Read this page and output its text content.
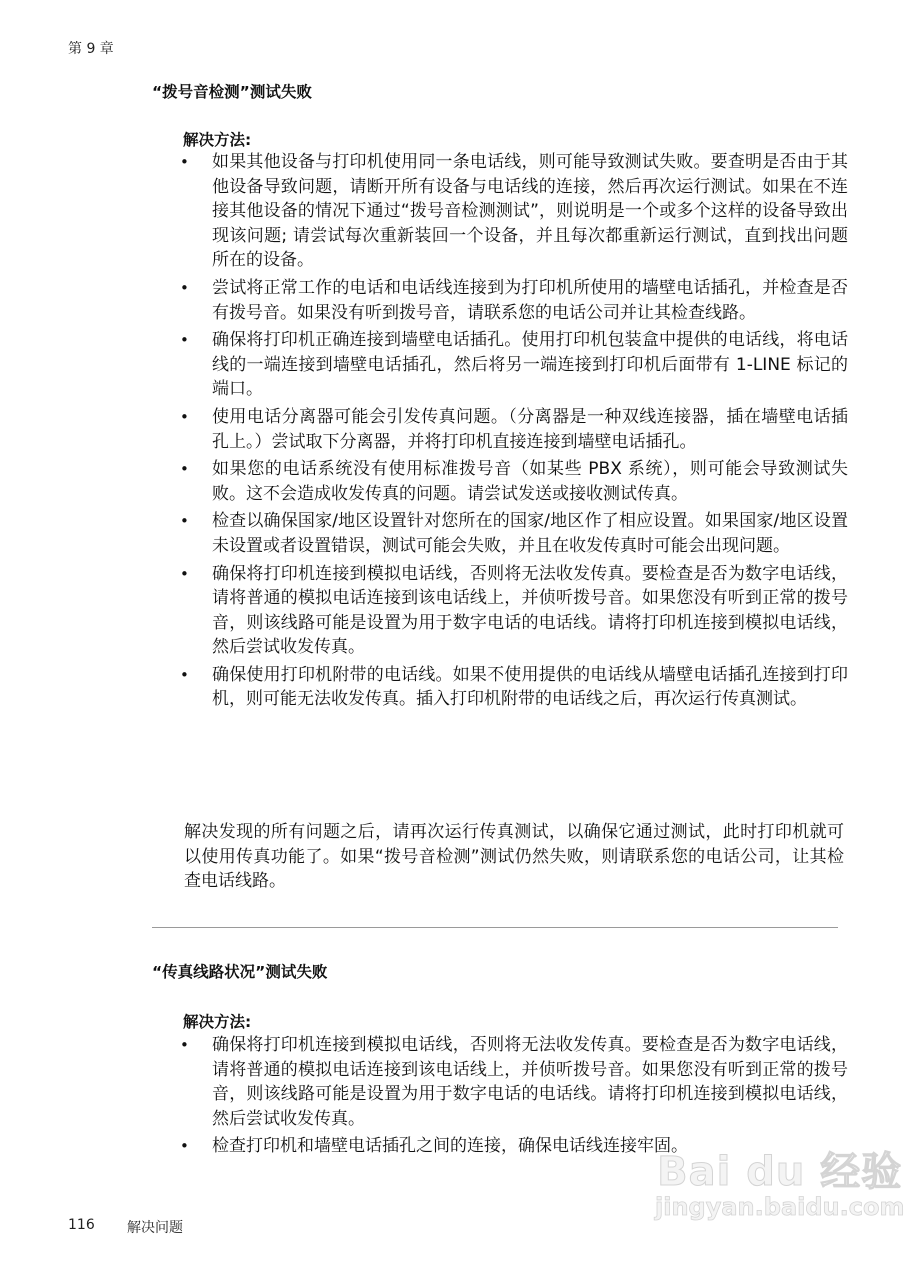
第 9 章
“拨号音检测”测试失败
解决方法:
• 如果其他设备与打印机使用同一条电话线，则可能导致测试失败。要查明是否由于其他设备导致问题，请断开所有设备与电话线的连接，然后再次运行测试。如果在不连接其他设备的情况下通过“拨号音检测测试”，则说明是一个或多个这样的设备导致出现该问题; 请尝试每次重新装回一个设备，并且每次都重新运行测试，直到找出问题所在的设备。
• 尝试将正常工作的电话和电话线连接到为打印机所使用的墙壁电话插孔，并检查是否有拨号音。如果没有听到拨号音，请联系您的电话公司并让其检查线路。
• 确保将打印机正确连接到墙壁电话插孔。使用打印机包装盒中提供的电话线，将电话线的一端连接到墙壁电话插孔，然后将另一端连接到打印机后面带有 1-LINE 标记的端口。
• 使用电话分离器可能会引发传真问题。（分离器是一种双线连接器，插在墙壁电话插孔上。）尝试取下分离器，并将打印机直接连接到墙壁电话插孔。
• 如果您的电话系统没有使用标准拨号音（如某些 PBX 系统），则可能会导致测试失败。这不会造成收发传真的问题。请尝试发送或接收测试传真。
• 检查以确保国家/地区设置针对您所在的国家/地区作了相应设置。如果国家/地区设置未设置或者设置错误，测试可能会失败，并且在收发传真时可能会出现问题。
• 确保将打印机连接到模拟电话线，否则将无法收发传真。要检查是否为数字电话线，请将普通的模拟电话连接到该电话线上，并侦听拨号音。如果您没有听到正常的拨号音，则该线路可能是设置为用于数字电话的电话线。请将打印机连接到模拟电话线，然后尝试收发传真。
• 确保使用打印机附带的电话线。如果不使用提供的电话线从墙壁电话插孔连接到打印机，则可能无法收发传真。插入打印机附带的电话线之后，再次运行传真测试。

解决发现的所有问题之后，请再次运行传真测试，以确保它通过测试，此时打印机就可以使用传真功能了。如果“拨号音检测”测试仍然失败，则请联系您的电话公司，让其检查电话线路。

“传真线路状况”测试失败
解决方法:
• 确保将打印机连接到模拟电话线，否则将无法收发传真。要检查是否为数字电话线，请将普通的模拟电话连接到该电话线上，并侦听拨号音。如果您没有听到正常的拨号音，则该线路可能是设置为用于数字电话的电话线。请将打印机连接到模拟电话线，然后尝试收发传真。
• 检查打印机和墙壁电话插孔之间的连接，确保电话线连接牢固。
Bai du 经验
jingyan.baidu.com
116 解决问题
